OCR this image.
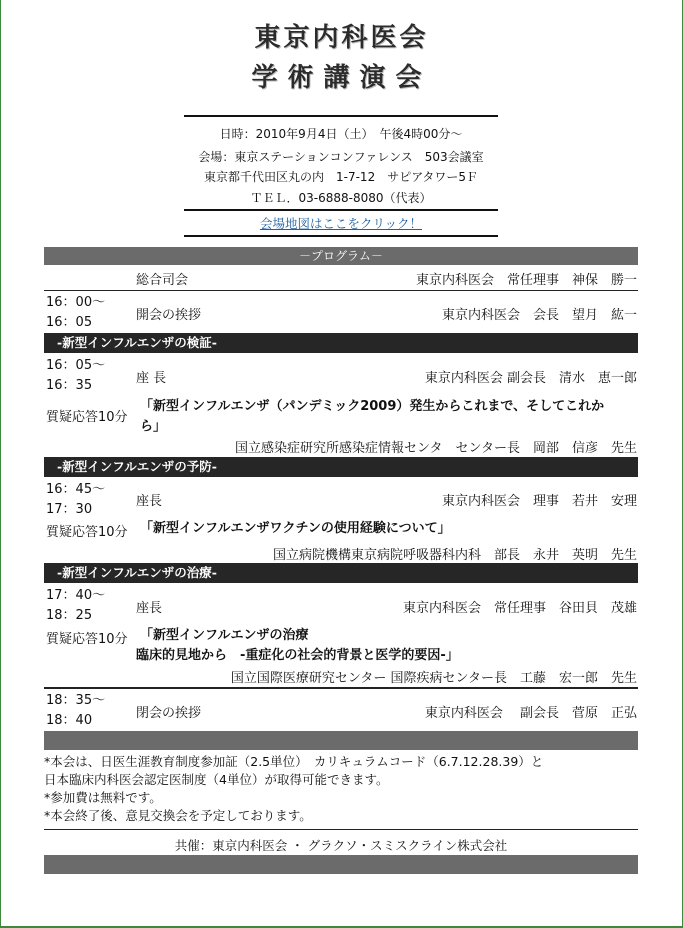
東京内科医会
学術講演会
日時：2010年9月4日（土）　午後4時00分～
会場：東京ステーションコンファレンス　503会議室
東京都千代田区丸の内　1-7-12　サピアタワー5Ｆ
ＴＥＬ．03-6888-8080（代表）
会場地図はここをクリック！
－プログラム－
総合司会	東京内科医会　常任理事　神保　勝一
16：00～
16：05	開会の挨拶	東京内科医会　会長　望月　紘一
-新型インフルエンザの検証-
16：05～
16：35	座 長	東京内科医会 副会長　清水　恵一郎
質疑応答10分
「新型インフルエンザ（パンデミック2009）発生からこれまで、そしてこれか
ら」
国立感染症研究所感染症情報センタ　センター長　岡部　信彦　先生
-新型インフルエンザの予防-
16：45～
17：30
座長	東京内科医会　理事　若井　安理
質疑応答10分 「新型インフルエンザワクチンの使用経験について」
国立病院機構東京病院呼吸器科内科　部長　永井　英明　先生
-新型インフルエンザの治療-
17：40～
18：25	座長	東京内科医会　常任理事　谷田貝　茂雄
質疑応答10分 「新型インフルエンザの治療
臨床的見地から　-重症化の社会的背景と医学的要因-」
国立国際医療研究センター 国際疾病センター長　工藤　宏一郎　先生
18：35～
18：40	閉会の挨拶	東京内科医会　 副会長　菅原　正弘
*本会は、日医生涯教育制度参加証（2.5単位）　カリキュラムコード（6.7.12.28.39）と
日本臨床内科医会認定医制度（4単位）が取得可能できます。
*参加費は無料です。
*本会終了後、意見交換会を予定しております。
共催：東京内科医会 ・ グラクソ・スミスクライン株式会社
